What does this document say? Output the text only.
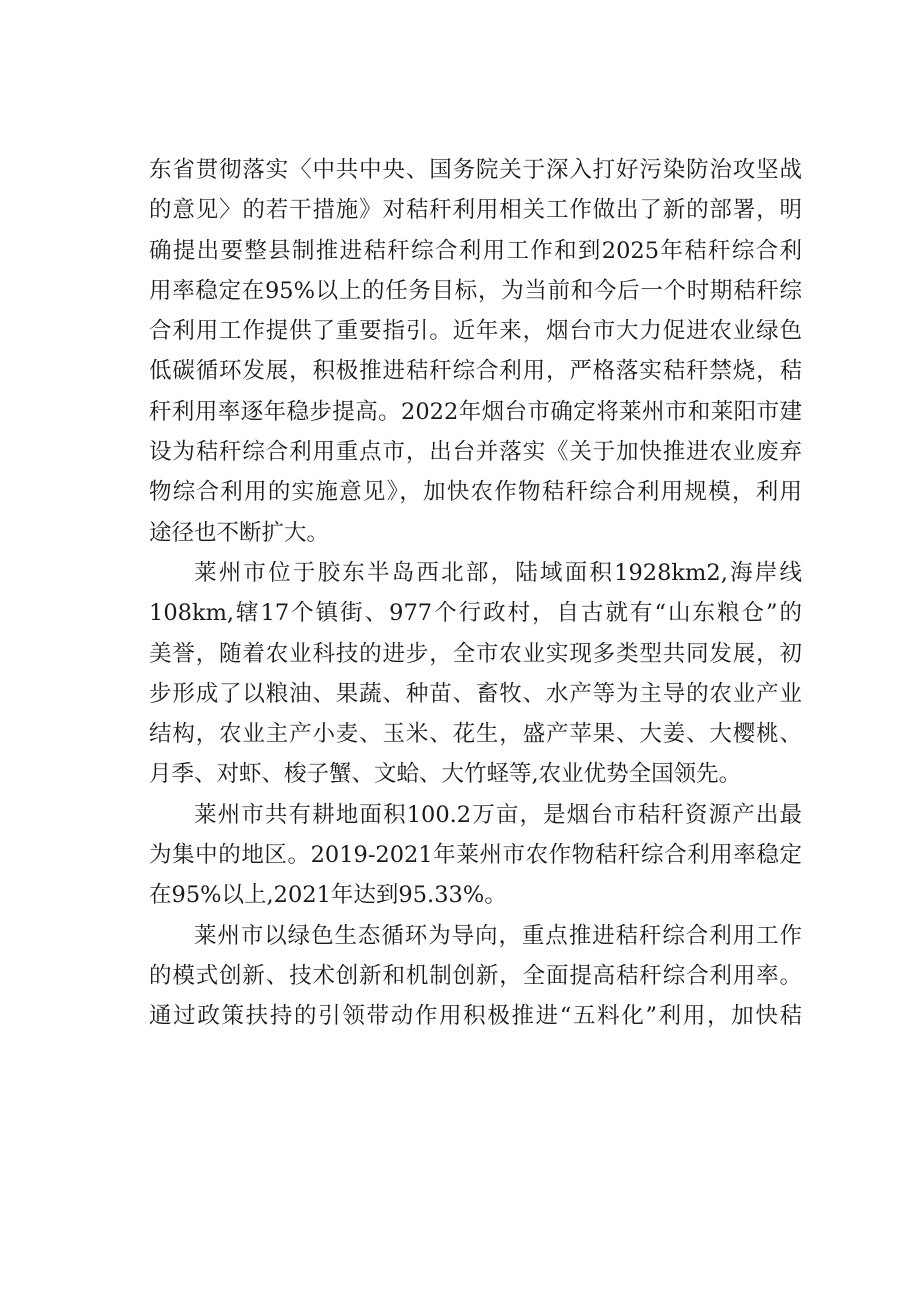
东省贯彻落实〈中共中央、国务院关于深入打好污染防治攻坚战
的意见〉的若干措施》对秸秆利用相关工作做出了新的部署，明
确提出要整县制推进秸秆综合利用工作和到2025年秸秆综合利
用率稳定在95%以上的任务目标，为当前和今后一个时期秸秆综
合利用工作提供了重要指引。近年来，烟台市大力促进农业绿色
低碳循环发展，积极推进秸秆综合利用，严格落实秸秆禁烧，秸
秆利用率逐年稳步提高。2022年烟台市确定将莱州市和莱阳市建
设为秸秆综合利用重点市，出台并落实《关于加快推进农业废弃
物综合利用的实施意见》，加快农作物秸秆综合利用规模，利用
途径也不断扩大。

莱州市位于胶东半岛西北部，陆域面积1928km2,海岸线
108km,辖17个镇街、977个行政村，自古就有“山东粮仓”的
美誉，随着农业科技的进步，全市农业实现多类型共同发展，初
步形成了以粮油、果蔬、种苗、畜牧、水产等为主导的农业产业
结构，农业主产小麦、玉米、花生，盛产苹果、大姜、大樱桃、
月季、对虾、梭子蟹、文蛤、大竹蛏等,农业优势全国领先。

莱州市共有耕地面积100.2万亩，是烟台市秸秆资源产出最
为集中的地区。2019-2021年莱州市农作物秸秆综合利用率稳定
在95%以上,2021年达到95.33%。

莱州市以绿色生态循环为导向，重点推进秸秆综合利用工作
的模式创新、技术创新和机制创新，全面提高秸秆综合利用率。
通过政策扶持的引领带动作用积极推进“五料化”利用，加快秸
